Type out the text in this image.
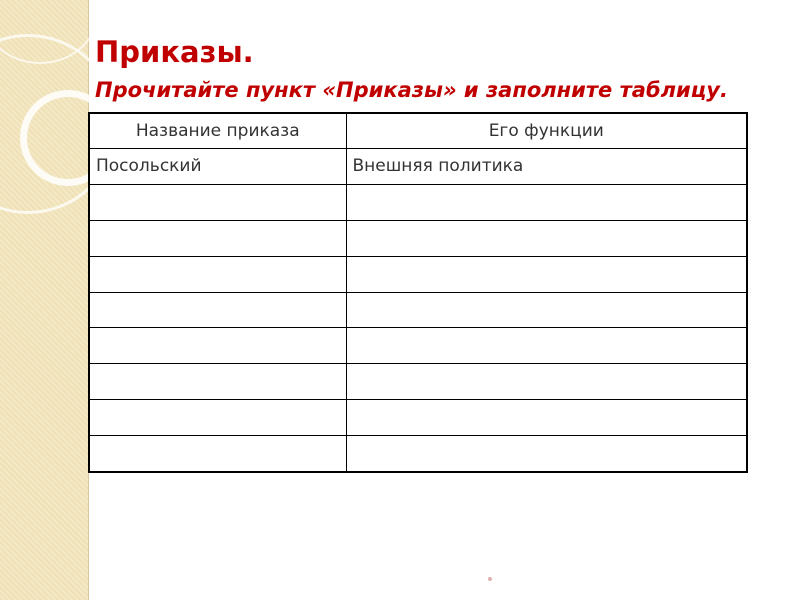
Приказы.

Прочитайте пункт «Приказы» и заполните таблицу.

Название приказа	Его функции
Посольский	Внешняя политика
